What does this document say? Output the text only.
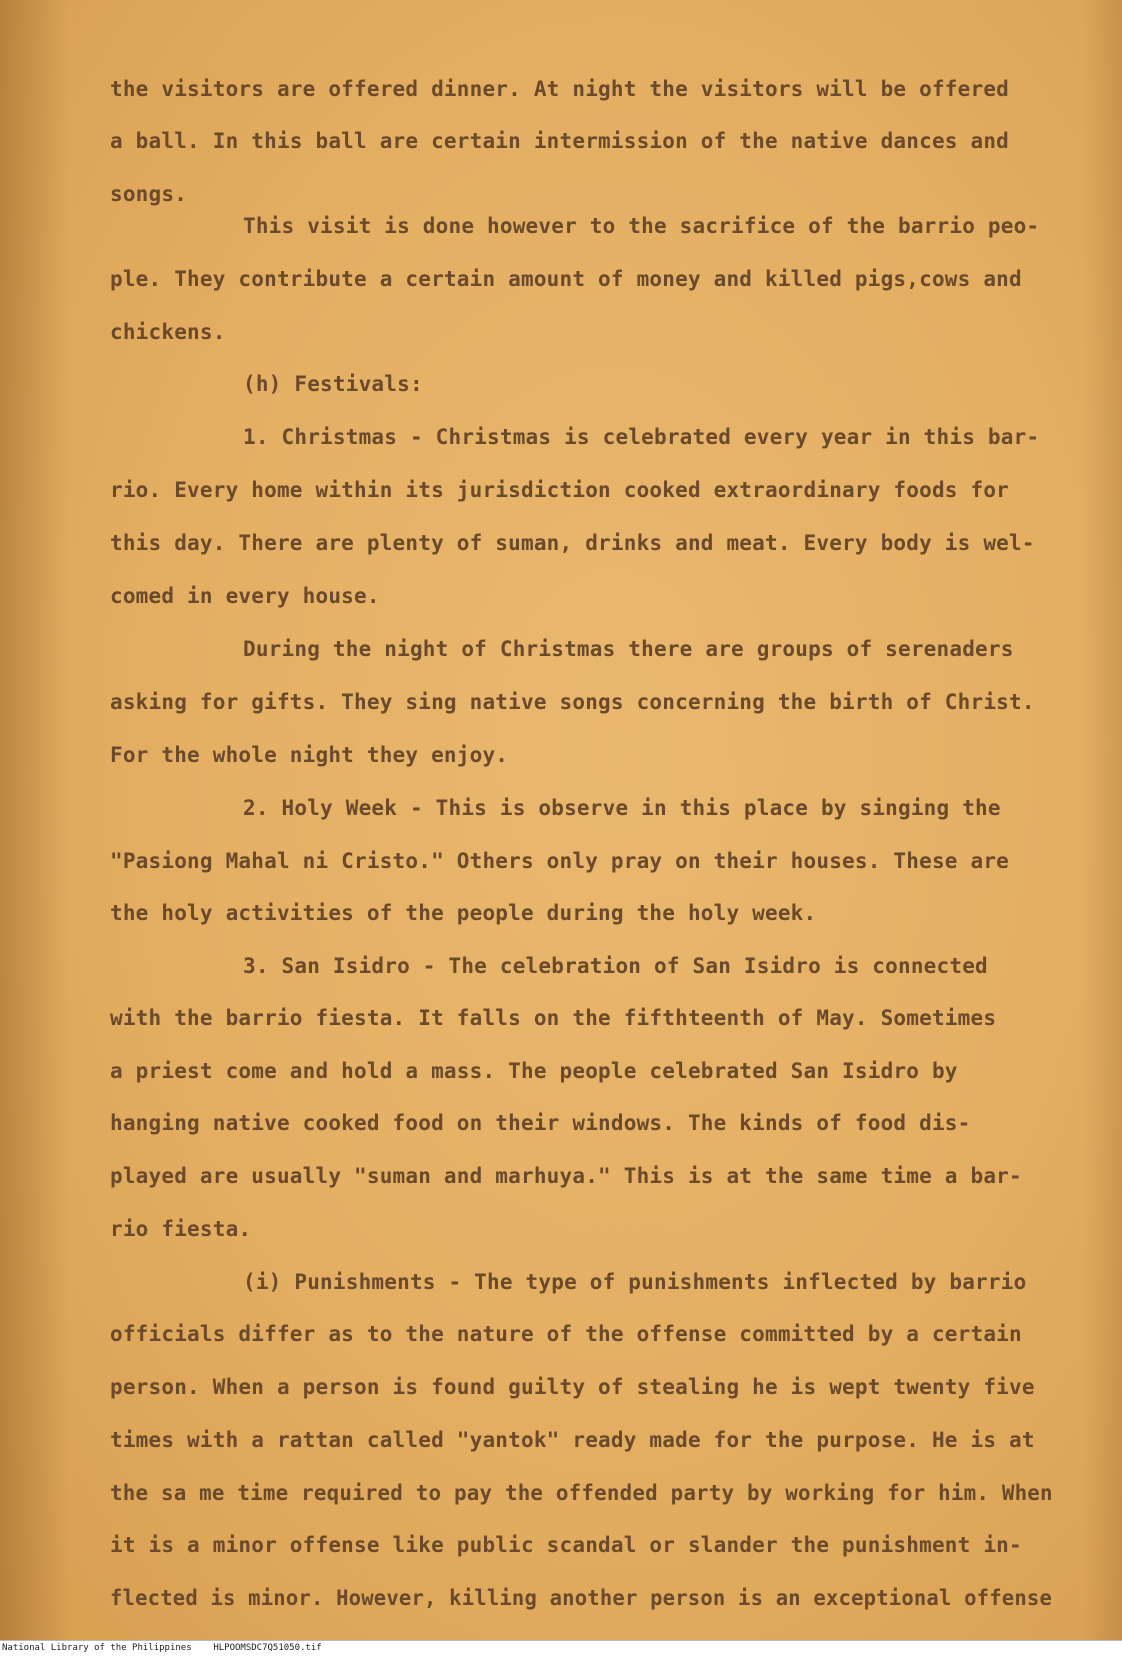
the visitors are offered dinner. At night the visitors will be offered

a ball. In this ball are certain intermission of the native dances and

songs.

This visit is done however to the sacrifice of the barrio peo-

ple. They contribute a certain amount of money and killed pigs,cows and

chickens.

(h) Festivals:

1. Christmas - Christmas is celebrated every year in this bar-

rio. Every home within its jurisdiction cooked extraordinary foods for

this day. There are plenty of suman, drinks and meat. Every body is wel-

comed in every house.

During the night of Christmas there are groups of serenaders

asking for gifts. They sing native songs concerning the birth of Christ.

For the whole night they enjoy.

2. Holy Week - This is observe in this place by singing the

"Pasiong Mahal ni Cristo." Others only pray on their houses. These are

the holy activities of the people during the holy week.

3. San Isidro - The celebration of San Isidro is connected

with the barrio fiesta. It falls on the fifthteenth of May. Sometimes

a priest come and hold a mass. The people celebrated San Isidro by

hanging native cooked food on their windows. The kinds of food dis-

played are usually "suman and marhuya." This is at the same time a bar-

rio fiesta.

(i) Punishments - The type of punishments inflected by barrio

officials differ as to the nature of the offense committed by a certain

person. When a person is found guilty of stealing he is wept twenty five

times with a rattan called "yantok" ready made for the purpose. He is at

the sa me time required to pay the offended party by working for him. When

it is a minor offense like public scandal or slander the punishment in-

flected is minor. However, killing another person is an exceptional offense

National Library of the Philippines    HLPOOMSDC7Q51050.tif
